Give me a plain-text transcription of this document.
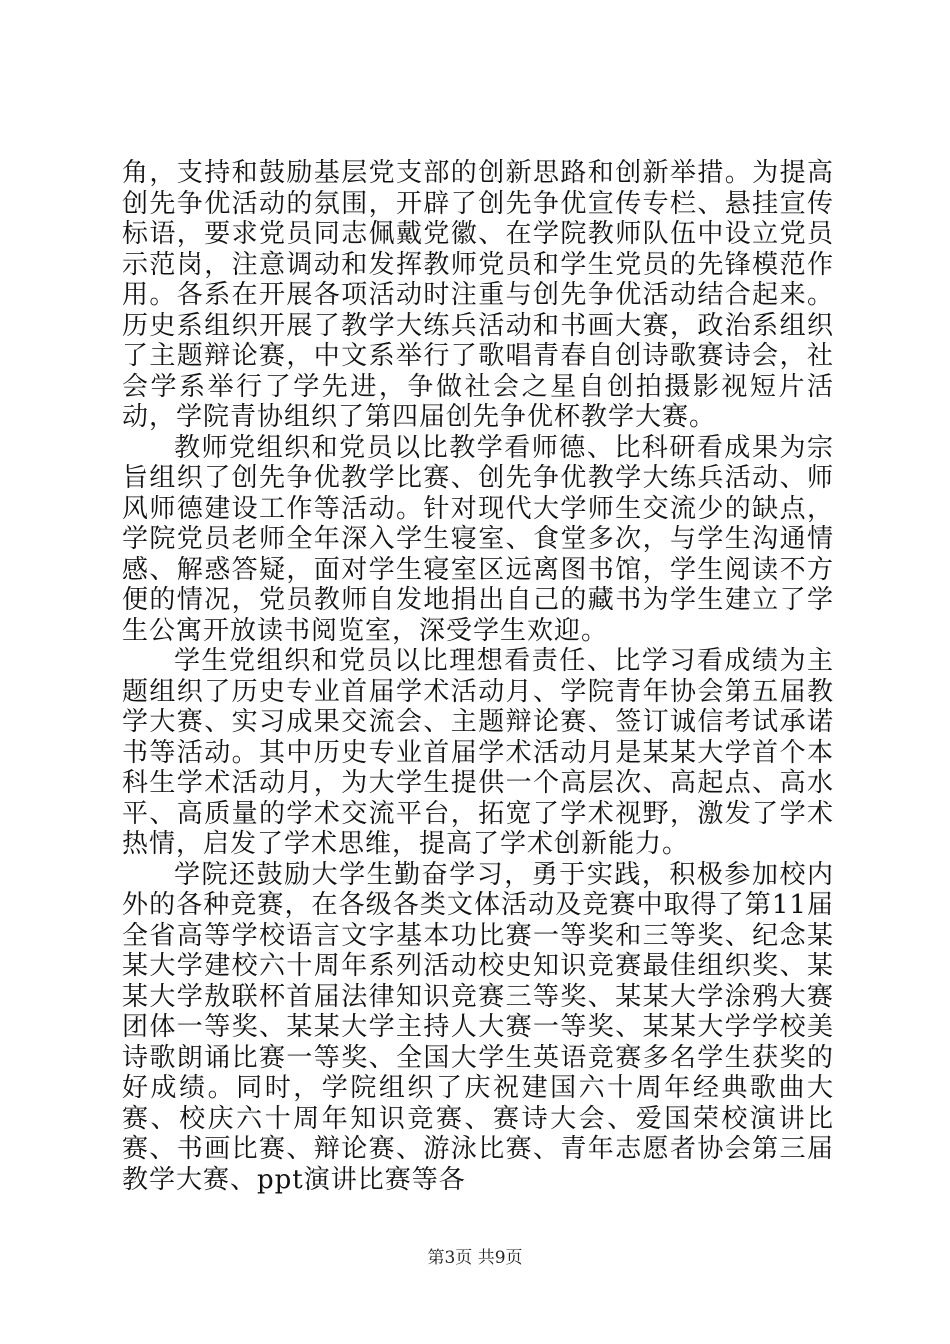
角，支持和鼓励基层党支部的创新思路和创新举措。为提高创先争优活动的氛围，开辟了创先争优宣传专栏、悬挂宣传标语，要求党员同志佩戴党徽、在学院教师队伍中设立党员示范岗，注意调动和发挥教师党员和学生党员的先锋模范作用。各系在开展各项活动时注重与创先争优活动结合起来。历史系组织开展了教学大练兵活动和书画大赛，政治系组织了主题辩论赛，中文系举行了歌唱青春自创诗歌赛诗会，社会学系举行了学先进，争做社会之星自创拍摄影视短片活动，学院青协组织了第四届创先争优杯教学大赛。

教师党组织和党员以比教学看师德、比科研看成果为宗旨组织了创先争优教学比赛、创先争优教学大练兵活动、师风师德建设工作等活动。针对现代大学师生交流少的缺点，学院党员老师全年深入学生寝室、食堂多次，与学生沟通情感、解惑答疑，面对学生寝室区远离图书馆，学生阅读不方便的情况，党员教师自发地捐出自己的藏书为学生建立了学生公寓开放读书阅览室，深受学生欢迎。

学生党组织和党员以比理想看责任、比学习看成绩为主题组织了历史专业首届学术活动月、学院青年协会第五届教学大赛、实习成果交流会、主题辩论赛、签订诚信考试承诺书等活动。其中历史专业首届学术活动月是某某大学首个本科生学术活动月，为大学生提供一个高层次、高起点、高水平、高质量的学术交流平台，拓宽了学术视野，激发了学术热情，启发了学术思维，提高了学术创新能力。

学院还鼓励大学生勤奋学习，勇于实践，积极参加校内外的各种竞赛，在各级各类文体活动及竞赛中取得了第11届全省高等学校语言文字基本功比赛一等奖和三等奖、纪念某某大学建校六十周年系列活动校史知识竞赛最佳组织奖、某某大学敖联杯首届法律知识竞赛三等奖、某某大学涂鸦大赛团体一等奖、某某大学主持人大赛一等奖、某某大学学校美诗歌朗诵比赛一等奖、全国大学生英语竞赛多名学生获奖的好成绩。同时，学院组织了庆祝建国六十周年经典歌曲大赛、校庆六十周年知识竞赛、赛诗大会、爱国荣校演讲比赛、书画比赛、辩论赛、游泳比赛、青年志愿者协会第三届教学大赛、ppt演讲比赛等各

第3页 共9页
